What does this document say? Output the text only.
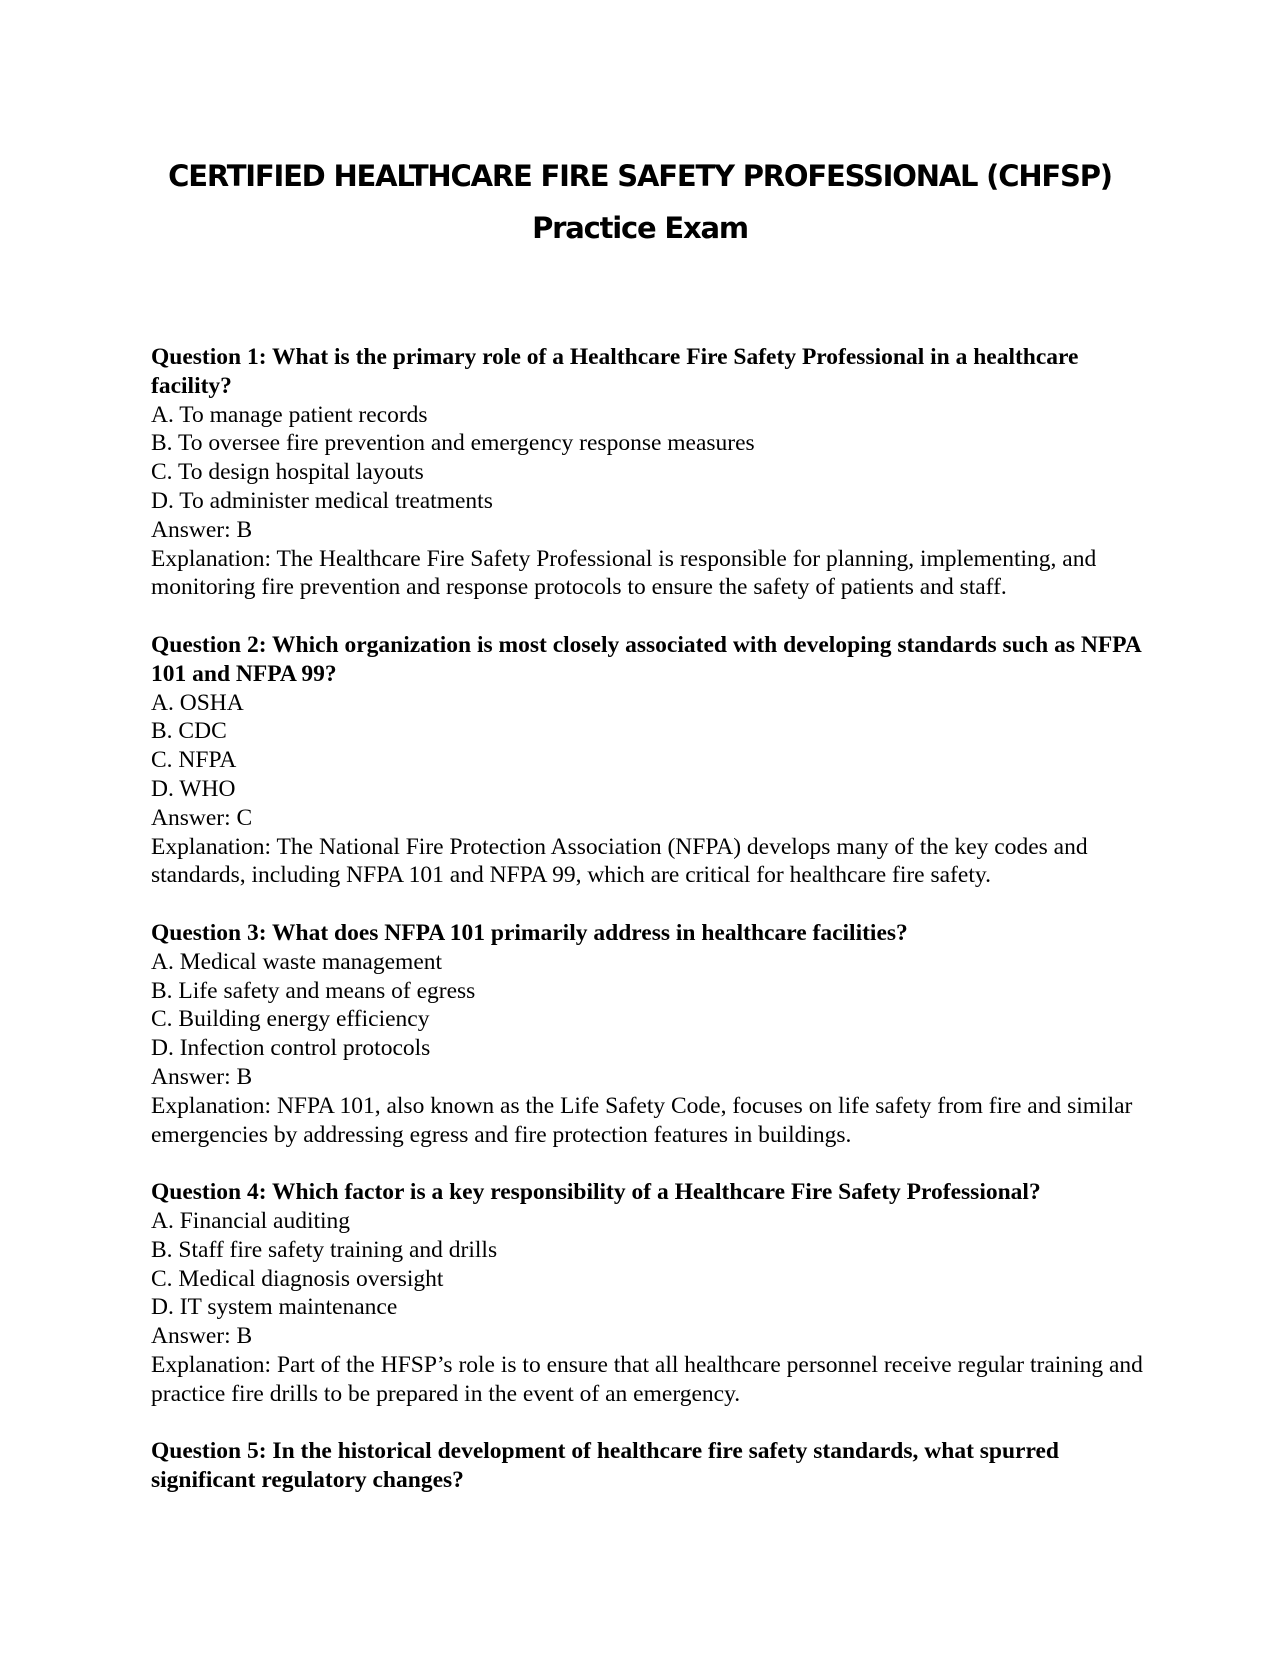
CERTIFIED HEALTHCARE FIRE SAFETY PROFESSIONAL (CHFSP)
Practice Exam
Question 1: What is the primary role of a Healthcare Fire Safety Professional in a healthcare facility?
A. To manage patient records
B. To oversee fire prevention and emergency response measures
C. To design hospital layouts
D. To administer medical treatments
Answer: B
Explanation: The Healthcare Fire Safety Professional is responsible for planning, implementing, and monitoring fire prevention and response protocols to ensure the safety of patients and staff.
Question 2: Which organization is most closely associated with developing standards such as NFPA 101 and NFPA 99?
A. OSHA
B. CDC
C. NFPA
D. WHO
Answer: C
Explanation: The National Fire Protection Association (NFPA) develops many of the key codes and standards, including NFPA 101 and NFPA 99, which are critical for healthcare fire safety.
Question 3: What does NFPA 101 primarily address in healthcare facilities?
A. Medical waste management
B. Life safety and means of egress
C. Building energy efficiency
D. Infection control protocols
Answer: B
Explanation: NFPA 101, also known as the Life Safety Code, focuses on life safety from fire and similar emergencies by addressing egress and fire protection features in buildings.
Question 4: Which factor is a key responsibility of a Healthcare Fire Safety Professional?
A. Financial auditing
B. Staff fire safety training and drills
C. Medical diagnosis oversight
D. IT system maintenance
Answer: B
Explanation: Part of the HFSP’s role is to ensure that all healthcare personnel receive regular training and practice fire drills to be prepared in the event of an emergency.
Question 5: In the historical development of healthcare fire safety standards, what spurred significant regulatory changes?
